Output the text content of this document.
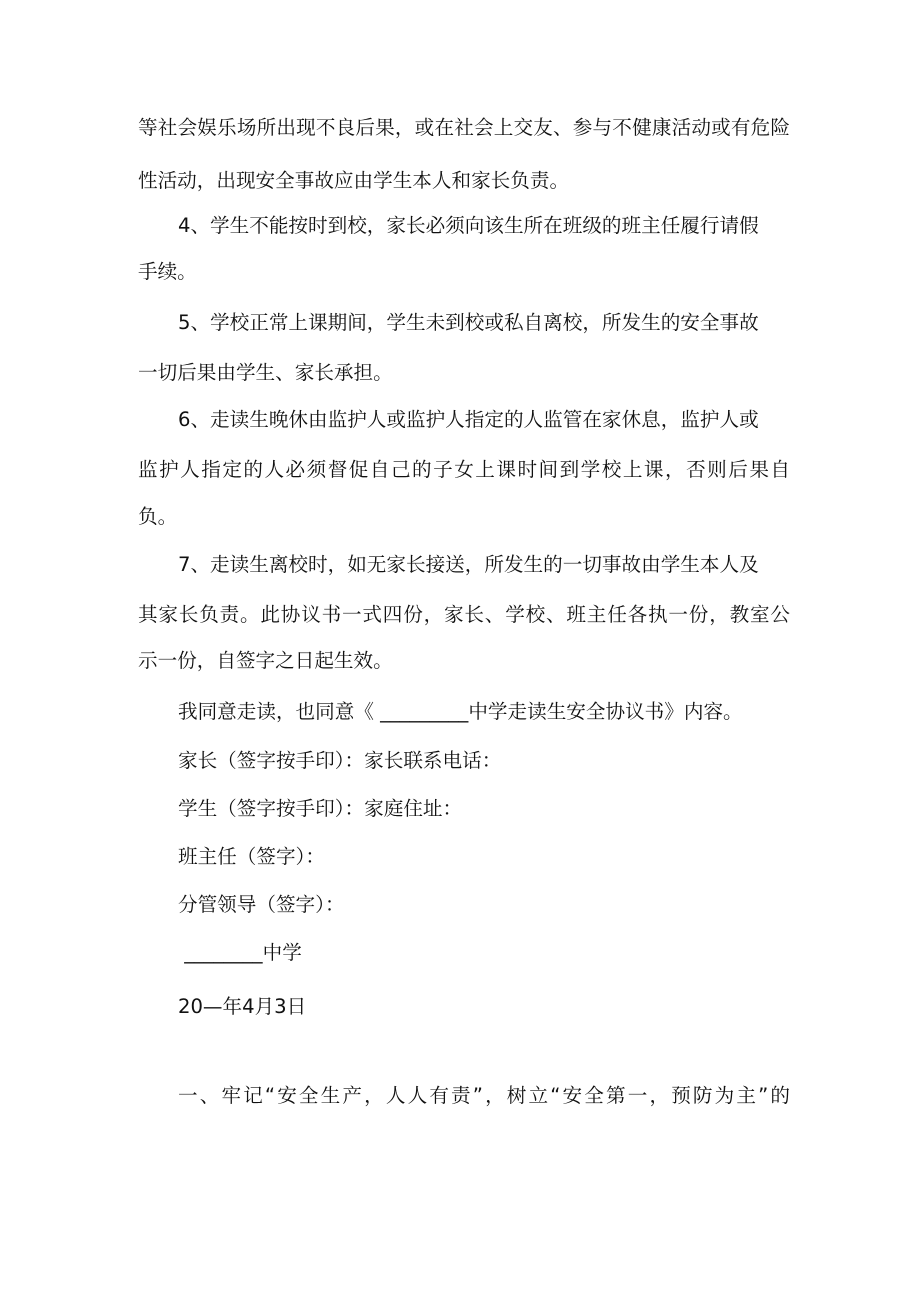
等社会娱乐场所出现不良后果，或在社会上交友、参与不健康活动或有危险
性活动，出现安全事故应由学生本人和家长负责。
4、学生不能按时到校，家长必须向该生所在班级的班主任履行请假
手续。
5、学校正常上课期间，学生未到校或私自离校，所发生的安全事故
一切后果由学生、家长承担。
6、走读生晚休由监护人或监护人指定的人监管在家休息，监护人或
监护人指定的人必须督促自己的子女上课时间到学校上课，否则后果自
负。
7、走读生离校时，如无家长接送，所发生的一切事故由学生本人及
其家长负责。此协议书一式四份，家长、学校、班主任各执一份，教室公
示一份，自签字之日起生效。
我同意走读，也同意《 _________中学走读生安全协议书》内容。
家长（签字按手印）：家长联系电话：
学生（签字按手印）：家庭住址：
班主任（签字）：
分管领导（签字）：
________中学
20—年4月3日
一、牢记“安全生产，人人有责”，树立“安全第一，预防为主”的
